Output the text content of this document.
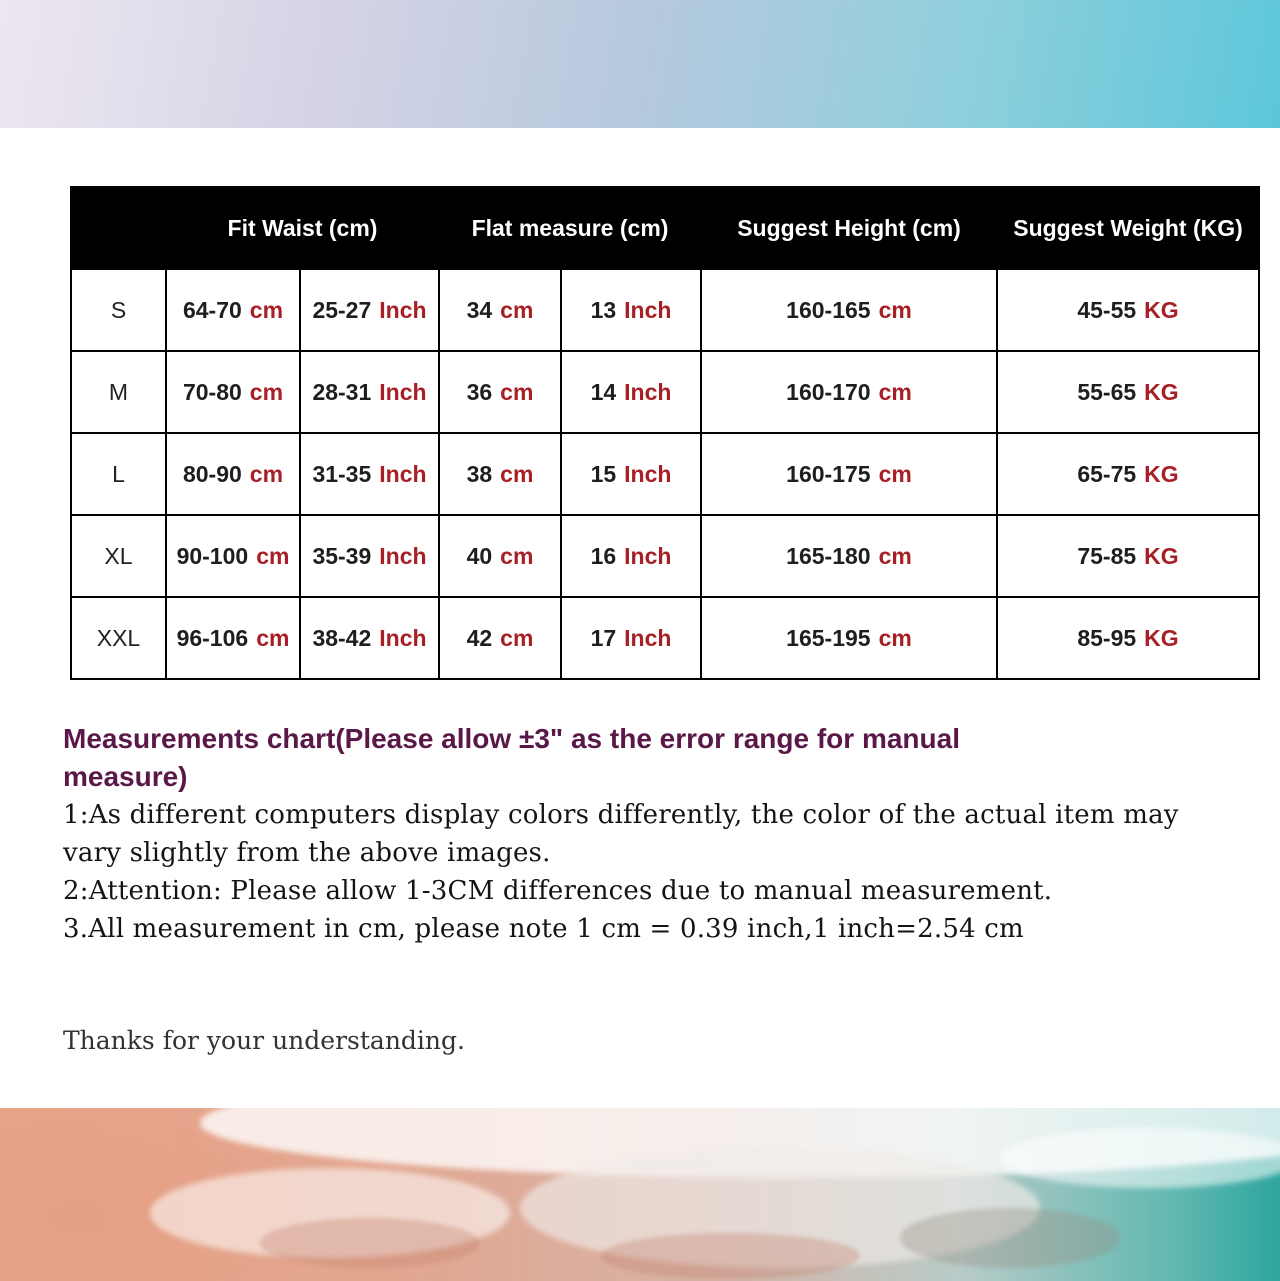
	Fit Waist (cm)		Flat measure (cm)		Suggest Height (cm)	Suggest Weight (KG)
S	64-70 cm	25-27 Inch	34 cm	13 Inch	160-165 cm	45-55 KG
M	70-80 cm	28-31 Inch	36 cm	14 Inch	160-170 cm	55-65 KG
L	80-90 cm	31-35 Inch	38 cm	15 Inch	160-175 cm	65-75 KG
XL	90-100 cm	35-39 Inch	40 cm	16 Inch	165-180 cm	75-85 KG
XXL	96-106 cm	38-42 Inch	42 cm	17 Inch	165-195 cm	85-95 KG

Measurements chart(Please allow ±3" as the error range for manual measure)

1:As different computers display colors differently, the color of the actual item may vary slightly from the above images.

2:Attention: Please allow 1-3CM differences due to manual measurement.

3.All measurement in cm, please note 1 cm = 0.39 inch,1 inch=2.54 cm

Thanks for your understanding.
